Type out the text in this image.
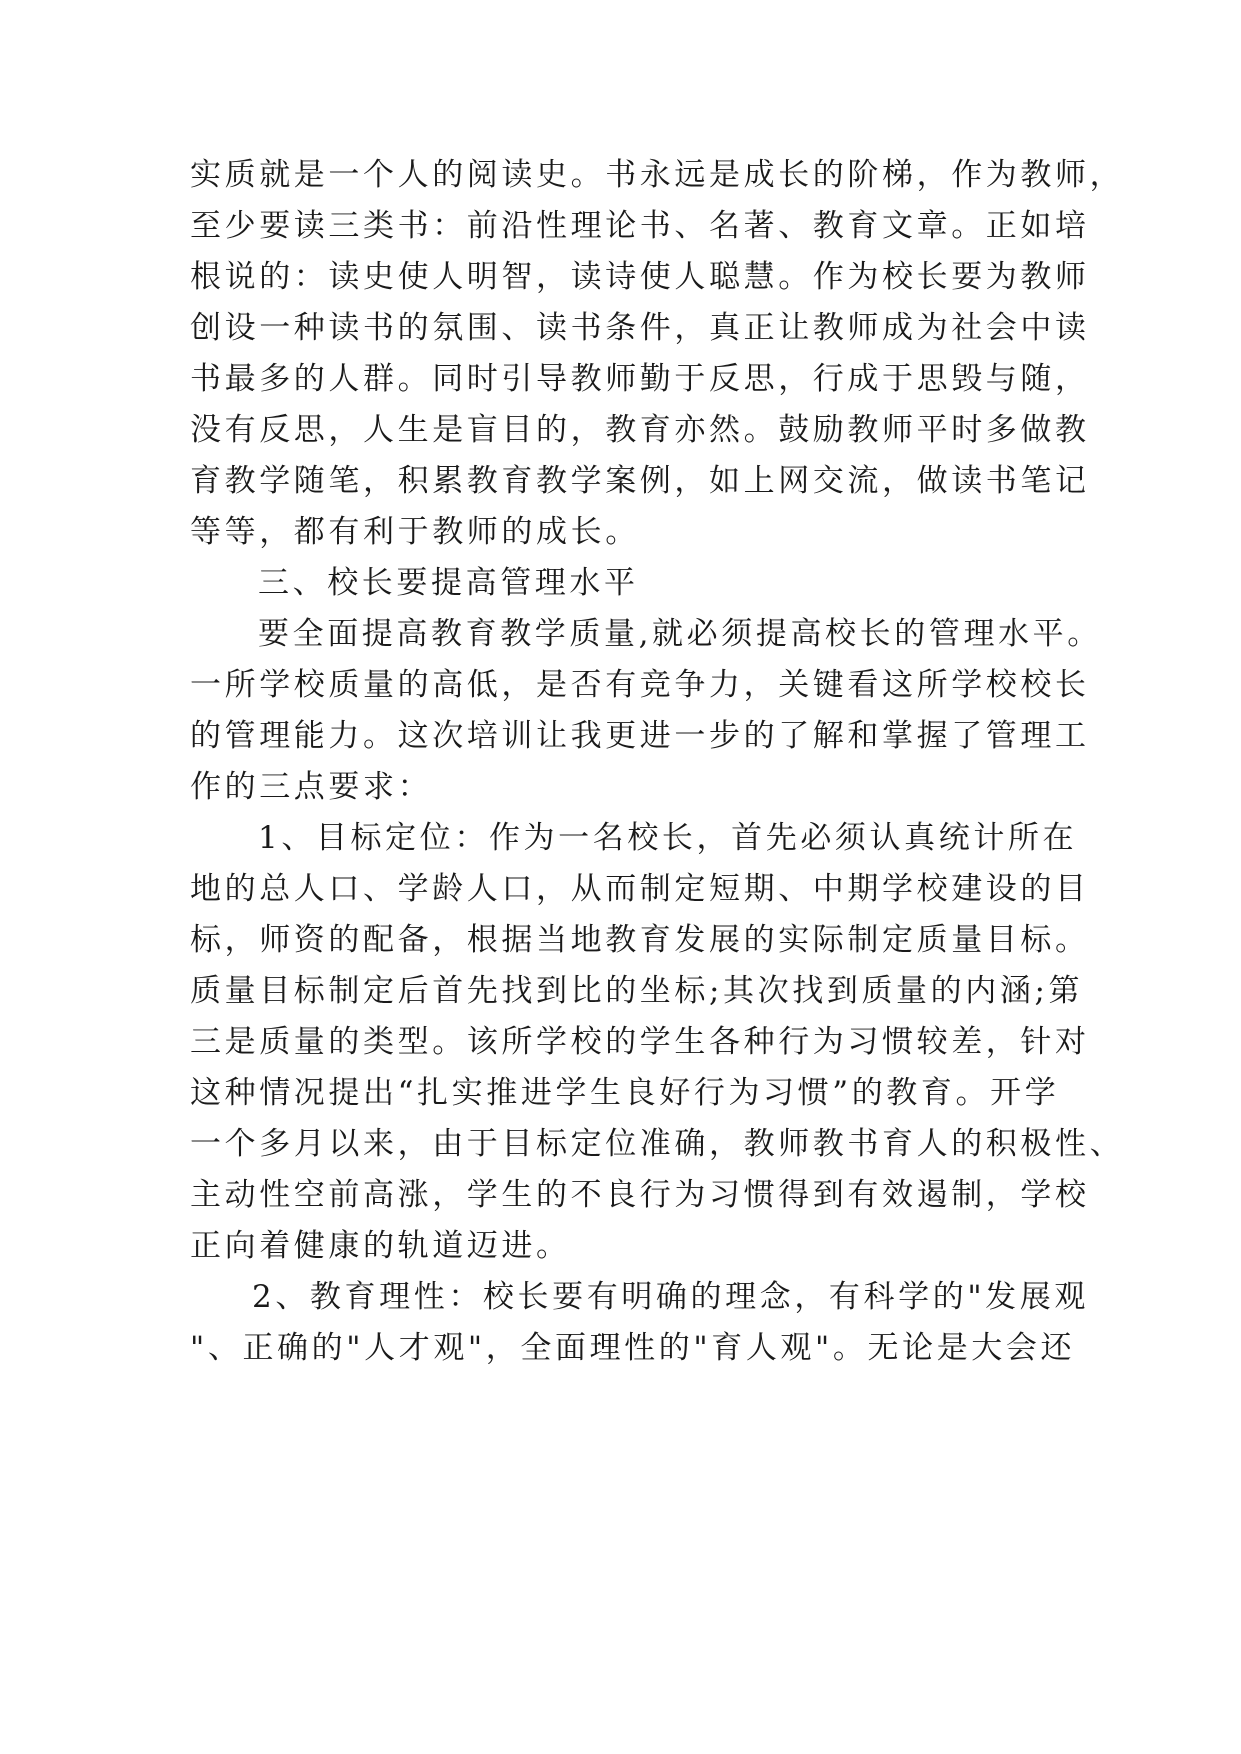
实质就是一个人的阅读史。书永远是成长的阶梯，作为教师，
至少要读三类书：前沿性理论书、名著、教育文章。正如培
根说的：读史使人明智，读诗使人聪慧。作为校长要为教师
创设一种读书的氛围、读书条件，真正让教师成为社会中读
书最多的人群。同时引导教师勤于反思，行成于思毁与随，
没有反思，人生是盲目的，教育亦然。鼓励教师平时多做教
育教学随笔，积累教育教学案例，如上网交流，做读书笔记
等等，都有利于教师的成长。
三、校长要提高管理水平
要全面提高教育教学质量,就必须提高校长的管理水平。
一所学校质量的高低，是否有竞争力，关键看这所学校校长
的管理能力。这次培训让我更进一步的了解和掌握了管理工
作的三点要求：
1、目标定位：作为一名校长，首先必须认真统计所在
地的总人口、学龄人口，从而制定短期、中期学校建设的目
标，师资的配备，根据当地教育发展的实际制定质量目标。
质量目标制定后首先找到比的坐标;其次找到质量的内涵;第
三是质量的类型。该所学校的学生各种行为习惯较差，针对
这种情况提出“扎实推进学生良好行为习惯”的教育。开学
一个多月以来，由于目标定位准确，教师教书育人的积极性、
主动性空前高涨，学生的不良行为习惯得到有效遏制，学校
正向着健康的轨道迈进。
2、教育理性：校长要有明确的理念，有科学的"发展观
"、正确的"人才观"，全面理性的"育人观"。无论是大会还
